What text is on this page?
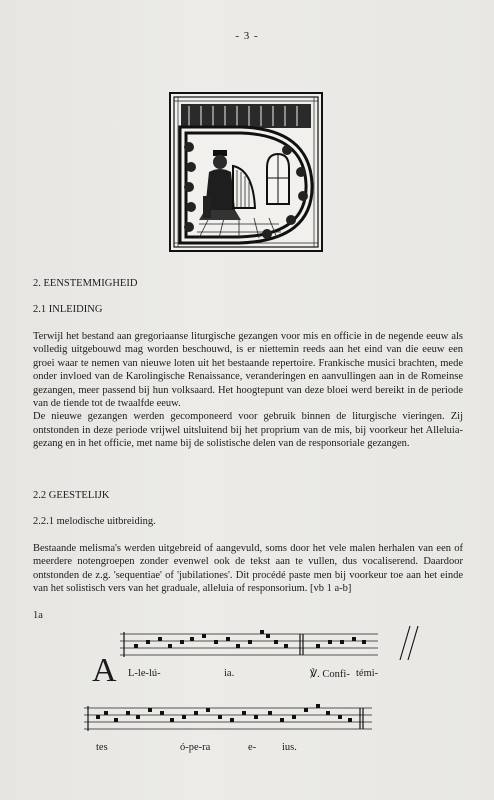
- 3 -
2. EENSTEMMIGHEID
2.1 INLEIDING

Terwijl het bestand aan gregoriaanse liturgische gezangen voor mis en officie in de negende eeuw als volledig uitgebouwd mag worden beschouwd, is er niettemin reeds aan het eind van die eeuw een groei waar te nemen van nieuwe loten uit het bestaande repertoire. Frankische musici brachten, mede onder invloed van de Karolingische Renaissance, veranderingen en aanvullingen aan in de Romeinse gezangen, meer passend bij hun volksaard. Het hoogtepunt van deze bloei werd bereikt in de periode van de tiende tot de twaalfde eeuw.

De nieuwe gezangen werden gecomponeerd voor gebruik binnen de liturgische vieringen. Zij ontstonden in deze periode vrijwel uitsluitend bij het proprium van de mis, bij voorkeur het Alleluia-gezang en in het officie, met name bij de solistische delen van de responsoriale gezangen.

2.2 GEESTELIJK
2.2.1 melodische uitbreiding.

Bestaande melisma's werden uitgebreid of aangevuld, soms door het vele malen herhalen van een of meerdere notengroepen zonder evenwel ook de tekst aan te vullen, dus vocaliserend. Daardoor ontstonden de z.g. 'sequentiae' of 'jubilationes'. Dit procédé paste men bij voorkeur toe aan het einde van het solistisch vers van het graduale, alleluia of responsorium. [vb 1 a-b]

1a
A L-le-lú-	ia.	℣. Confi- témi-
tes	ó-pe-ra	e- ius.
